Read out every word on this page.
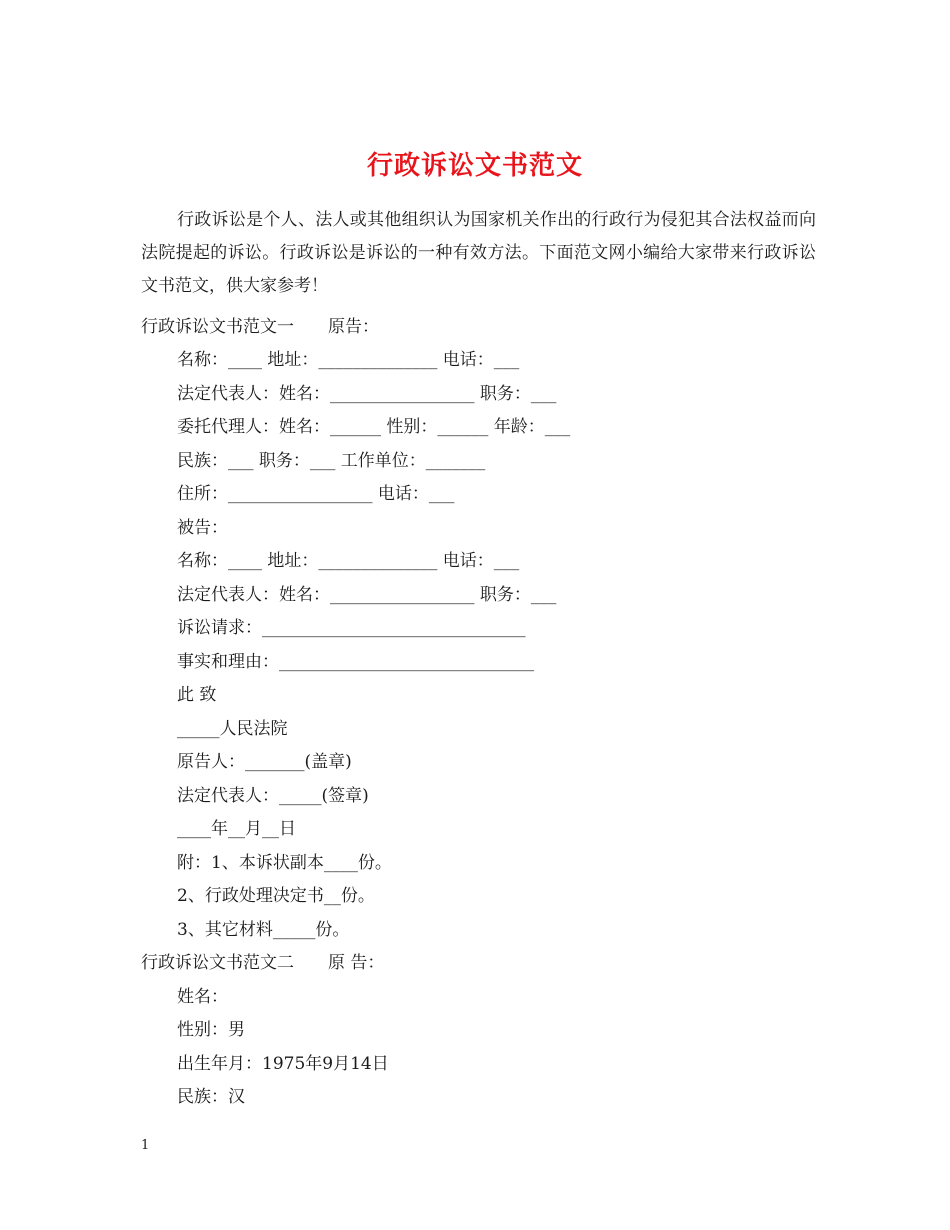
行政诉讼文书范文

行政诉讼是个人、法人或其他组织认为国家机关作出的行政行为侵犯其合法权益而向法院提起的诉讼。行政诉讼是诉讼的一种有效方法。下面范文网小编给大家带来行政诉讼文书范文，供大家参考！

行政诉讼文书范文一　　原告：
名称：____ 地址：______________ 电话：___
法定代表人：姓名：_________________ 职务：___
委托代理人：姓名：______ 性别：______ 年龄：___
民族：___ 职务：___ 工作单位：_______
住所：_________________ 电话：___
被告：
名称：____ 地址：______________ 电话：___
法定代表人：姓名：_________________ 职务：___
诉讼请求：_______________________________
事实和理由：______________________________
此 致
_____人民法院
原告人：_______(盖章)
法定代表人：_____(签章)
____年__月__日
附：1、本诉状副本____份。
2、行政处理决定书__份。
3、其它材料_____份。
行政诉讼文书范文二　　原 告：
姓名：
性别：男
出生年月：1975年9月14日
民族：汉
1
